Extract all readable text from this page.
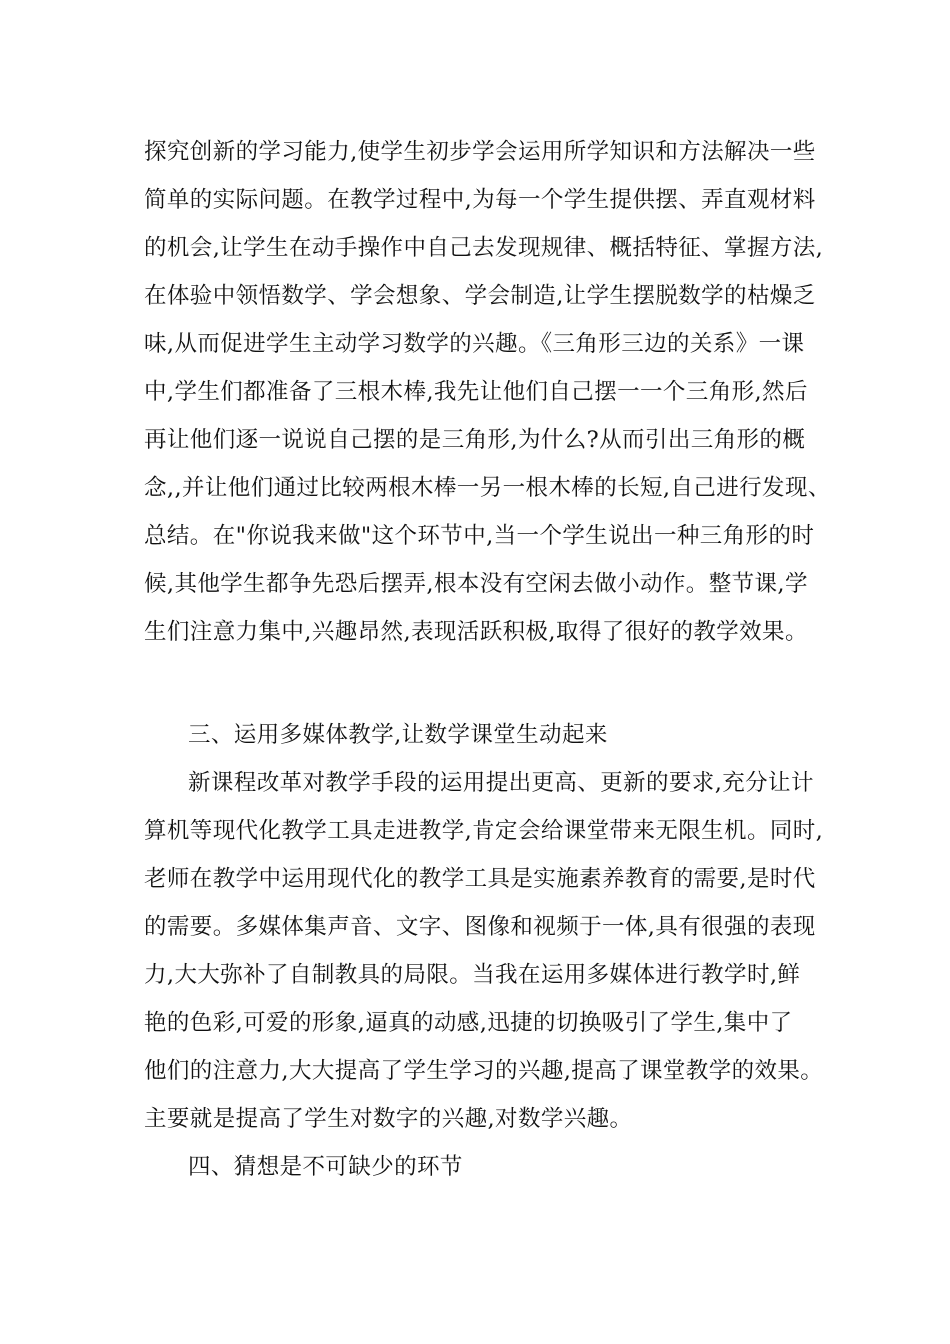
探究创新的学习能力,使学生初步学会运用所学知识和方法解决一些
简单的实际问题。在教学过程中,为每一个学生提供摆、弄直观材料
的机会,让学生在动手操作中自己去发现规律、概括特征、掌握方法,
在体验中领悟数学、学会想象、学会制造,让学生摆脱数学的枯燥乏
味,从而促进学生主动学习数学的兴趣。《三角形三边的关系》一课
中,学生们都准备了三根木棒,我先让他们自己摆一一个三角形,然后
再让他们逐一说说自己摆的是三角形,为什么?从而引出三角形的概
念,,并让他们通过比较两根木棒一另一根木棒的长短,自己进行发现、
总结。在"你说我来做"这个环节中,当一个学生说出一种三角形的时
候,其他学生都争先恐后摆弄,根本没有空闲去做小动作。整节课,学
生们注意力集中,兴趣昂然,表现活跃积极,取得了很好的教学效果。
三、运用多媒体教学,让数学课堂生动起来
新课程改革对教学手段的运用提出更高、更新的要求,充分让计
算机等现代化教学工具走进教学,肯定会给课堂带来无限生机。同时,
老师在教学中运用现代化的教学工具是实施素养教育的需要,是时代
的需要。多媒体集声音、文字、图像和视频于一体,具有很强的表现
力,大大弥补了自制教具的局限。当我在运用多媒体进行教学时,鲜
艳的色彩,可爱的形象,逼真的动感,迅捷的切换吸引了学生,集中了
他们的注意力,大大提高了学生学习的兴趣,提高了课堂教学的效果。
主要就是提高了学生对数字的兴趣,对数学兴趣。
四、猜想是不可缺少的环节
